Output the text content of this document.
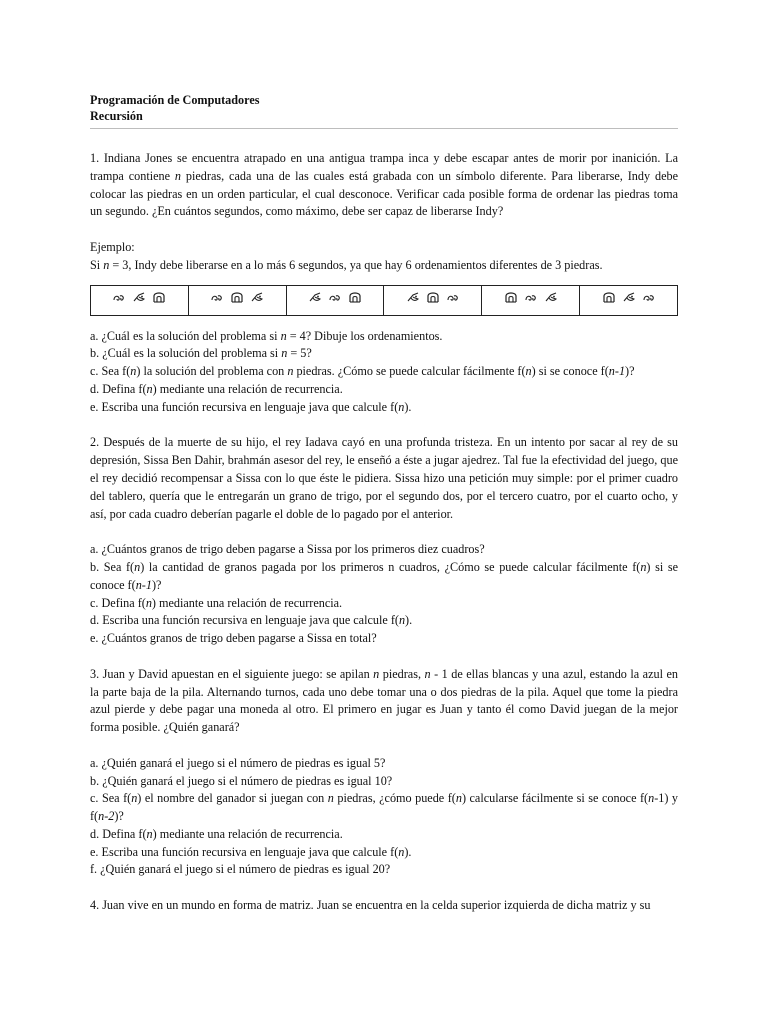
Programación de Computadores
Recursión

1. Indiana Jones se encuentra atrapado en una antigua trampa inca y debe escapar antes de morir por inanición. La trampa contiene n piedras, cada una de las cuales está grabada con un símbolo diferente. Para liberarse, Indy debe colocar las piedras en un orden particular, el cual desconoce. Verificar cada posible forma de ordenar las piedras toma un segundo. ¿En cuántos segundos, como máximo, debe ser capaz de liberarse Indy?

Ejemplo:
Si n = 3, Indy debe liberarse en a lo más 6 segundos, ya que hay 6 ordenamientos diferentes de 3 piedras.

a. ¿Cuál es la solución del problema si n = 4? Dibuje los ordenamientos.
b. ¿Cuál es la solución del problema si n = 5?
c. Sea f(n) la solución del problema con n piedras. ¿Cómo se puede calcular fácilmente f(n) si se conoce f(n-1)?
d. Defina f(n) mediante una relación de recurrencia.
e. Escriba una función recursiva en lenguaje java que calcule f(n).

2. Después de la muerte de su hijo, el rey Iadava cayó en una profunda tristeza. En un intento por sacar al rey de su depresión, Sissa Ben Dahir, brahmán asesor del rey, le enseñó a éste a jugar ajedrez. Tal fue la efectividad del juego, que el rey decidió recompensar a Sissa con lo que éste le pidiera. Sissa hizo una petición muy simple: por el primer cuadro del tablero, quería que le entregarán un grano de trigo, por el segundo dos, por el tercero cuatro, por el cuarto ocho, y así, por cada cuadro deberían pagarle el doble de lo pagado por el anterior.

a. ¿Cuántos granos de trigo deben pagarse a Sissa por los primeros diez cuadros?
b. Sea f(n) la cantidad de granos pagada por los primeros n cuadros, ¿Cómo se puede calcular fácilmente f(n) si se conoce f(n-1)?
c. Defina f(n) mediante una relación de recurrencia.
d. Escriba una función recursiva en lenguaje java que calcule f(n).
e. ¿Cuántos granos de trigo deben pagarse a Sissa en total?

3. Juan y David apuestan en el siguiente juego: se apilan n piedras, n - 1 de ellas blancas y una azul, estando la azul en la parte baja de la pila. Alternando turnos, cada uno debe tomar una o dos piedras de la pila. Aquel que tome la piedra azul pierde y debe pagar una moneda al otro. El primero en jugar es Juan y tanto él como David juegan de la mejor forma posible. ¿Quién ganará?

a. ¿Quién ganará el juego si el número de piedras es igual 5?
b. ¿Quién ganará el juego si el número de piedras es igual 10?
c. Sea f(n) el nombre del ganador si juegan con n piedras, ¿cómo puede f(n) calcularse fácilmente si se conoce f(n-1) y f(n-2)?
d. Defina f(n) mediante una relación de recurrencia.
e. Escriba una función recursiva en lenguaje java que calcule f(n).
f. ¿Quién ganará el juego si el número de piedras es igual 20?

4. Juan vive en un mundo en forma de matriz. Juan se encuentra en la celda superior izquierda de dicha matriz y su
